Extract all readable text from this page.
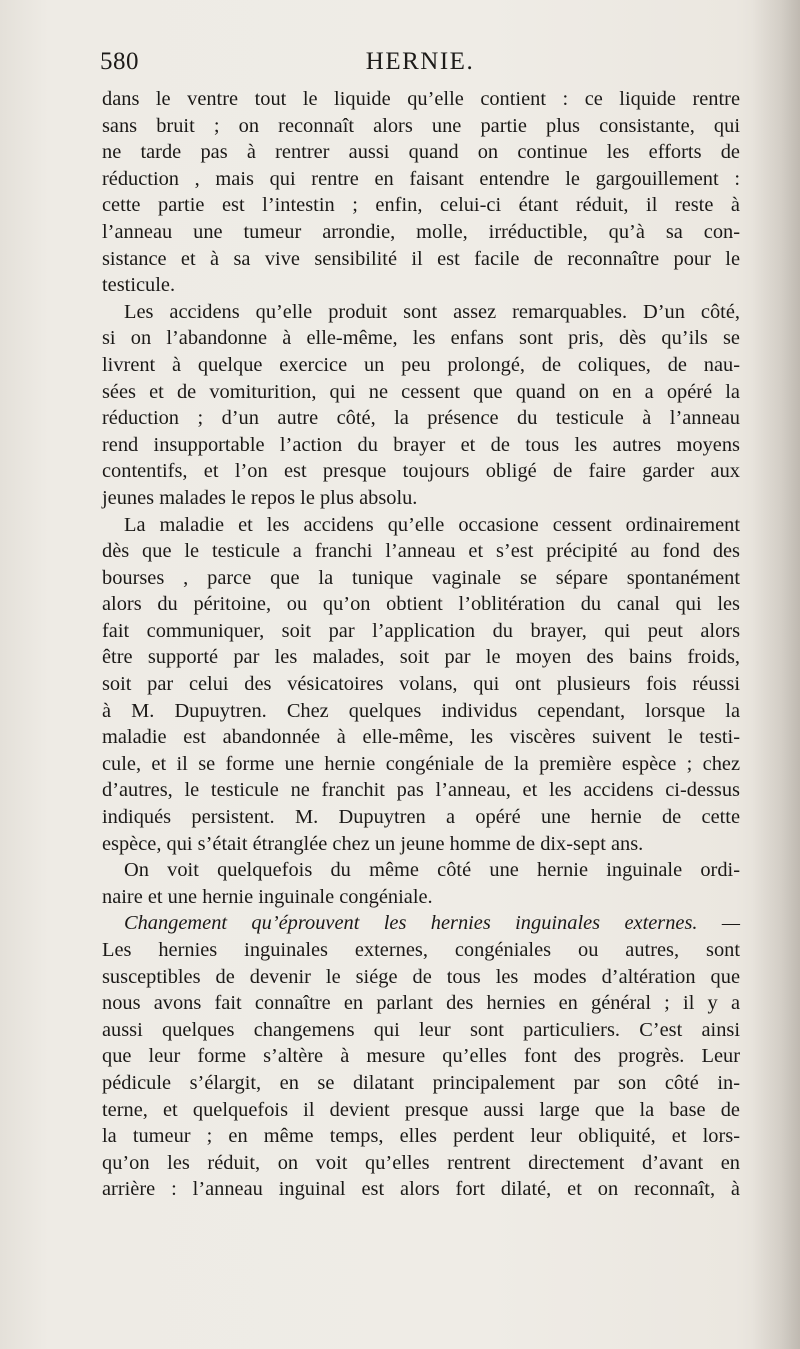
580	HERNIE.
dans le ventre tout le liquide qu’elle contient : ce liquide rentre
sans bruit ; on reconnaît alors une partie plus consistante, qui
ne tarde pas à rentrer aussi quand on continue les efforts de
réduction , mais qui rentre en faisant entendre le gargouillement :
cette partie est l’intestin ; enfin, celui-ci étant réduit, il reste à
l’anneau une tumeur arrondie, molle, irréductible, qu’à sa con-
sistance et à sa vive sensibilité il est facile de reconnaître pour le
testicule.
Les accidens qu’elle produit sont assez remarquables. D’un côté,
si on l’abandonne à elle-même, les enfans sont pris, dès qu’ils se
livrent à quelque exercice un peu prolongé, de coliques, de nau-
sées et de vomiturition, qui ne cessent que quand on en a opéré la
réduction ; d’un autre côté, la présence du testicule à l’anneau
rend insupportable l’action du brayer et de tous les autres moyens
contentifs, et l’on est presque toujours obligé de faire garder aux
jeunes malades le repos le plus absolu.
La maladie et les accidens qu’elle occasione cessent ordinairement
dès que le testicule a franchi l’anneau et s’est précipité au fond des
bourses , parce que la tunique vaginale se sépare spontanément
alors du péritoine, ou qu’on obtient l’oblitération du canal qui les
fait communiquer, soit par l’application du brayer, qui peut alors
être supporté par les malades, soit par le moyen des bains froids,
soit par celui des vésicatoires volans, qui ont plusieurs fois réussi
à M. Dupuytren. Chez quelques individus cependant, lorsque la
maladie est abandonnée à elle-même, les viscères suivent le testi-
cule, et il se forme une hernie congéniale de la première espèce ; chez
d’autres, le testicule ne franchit pas l’anneau, et les accidens ci-dessus
indiqués persistent. M. Dupuytren a opéré une hernie de cette
espèce, qui s’était étranglée chez un jeune homme de dix-sept ans.
On voit quelquefois du même côté une hernie inguinale ordi-
naire et une hernie inguinale congéniale.
Changement qu’éprouvent les hernies inguinales externes. —
Les hernies inguinales externes, congéniales ou autres, sont
susceptibles de devenir le siége de tous les modes d’altération que
nous avons fait connaître en parlant des hernies en général ; il y a
aussi quelques changemens qui leur sont particuliers. C’est ainsi
que leur forme s’altère à mesure qu’elles font des progrès. Leur
pédicule s’élargit, en se dilatant principalement par son côté in-
terne, et quelquefois il devient presque aussi large que la base de
la tumeur ; en même temps, elles perdent leur obliquité, et lors-
qu’on les réduit, on voit qu’elles rentrent directement d’avant en
arrière : l’anneau inguinal est alors fort dilaté, et on reconnaît, à
